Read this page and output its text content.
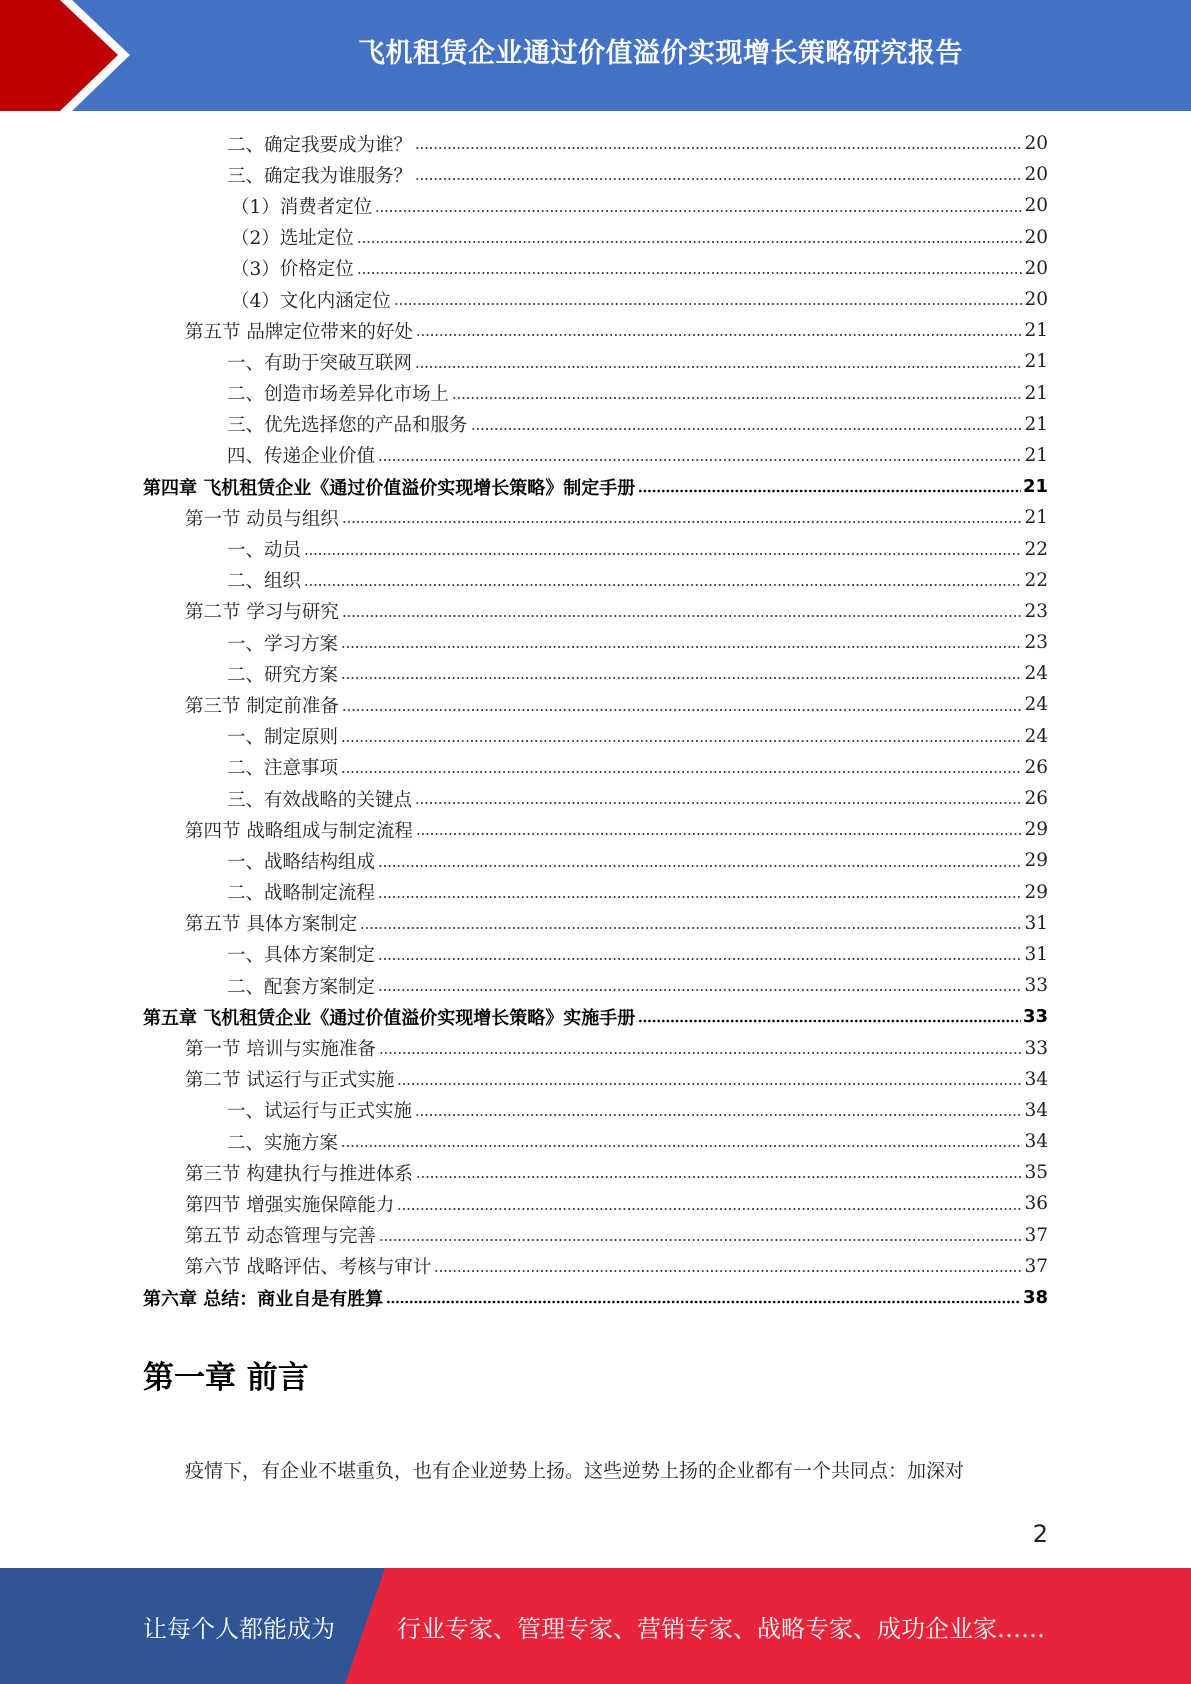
飞机租赁企业通过价值溢价实现增长策略研究报告
二、确定我要成为谁？	20
三、确定我为谁服务？	20
（1）消费者定位	20
（2）选址定位	20
（3）价格定位	20
（4）文化内涵定位	20
第五节 品牌定位带来的好处	21
一、有助于突破互联网	21
二、创造市场差异化市场上	21
三、优先选择您的产品和服务	21
四、传递企业价值	21
第四章 飞机租赁企业《通过价值溢价实现增长策略》制定手册	21
第一节 动员与组织	21
一、动员	22
二、组织	22
第二节 学习与研究	23
一、学习方案	23
二、研究方案	24
第三节 制定前准备	24
一、制定原则	24
二、注意事项	26
三、有效战略的关键点	26
第四节 战略组成与制定流程	29
一、战略结构组成	29
二、战略制定流程	29
第五节 具体方案制定	31
一、具体方案制定	31
二、配套方案制定	33
第五章 飞机租赁企业《通过价值溢价实现增长策略》实施手册	33
第一节 培训与实施准备	33
第二节 试运行与正式实施	34
一、试运行与正式实施	34
二、实施方案	34
第三节 构建执行与推进体系	35
第四节 增强实施保障能力	36
第五节 动态管理与完善	37
第六节 战略评估、考核与审计	37
第六章 总结：商业自是有胜算	38
第一章 前言
疫情下，有企业不堪重负，也有企业逆势上扬。这些逆势上扬的企业都有一个共同点：加深对
2
让每个人都能成为	行业专家、管理专家、营销专家、战略专家、成功企业家……
